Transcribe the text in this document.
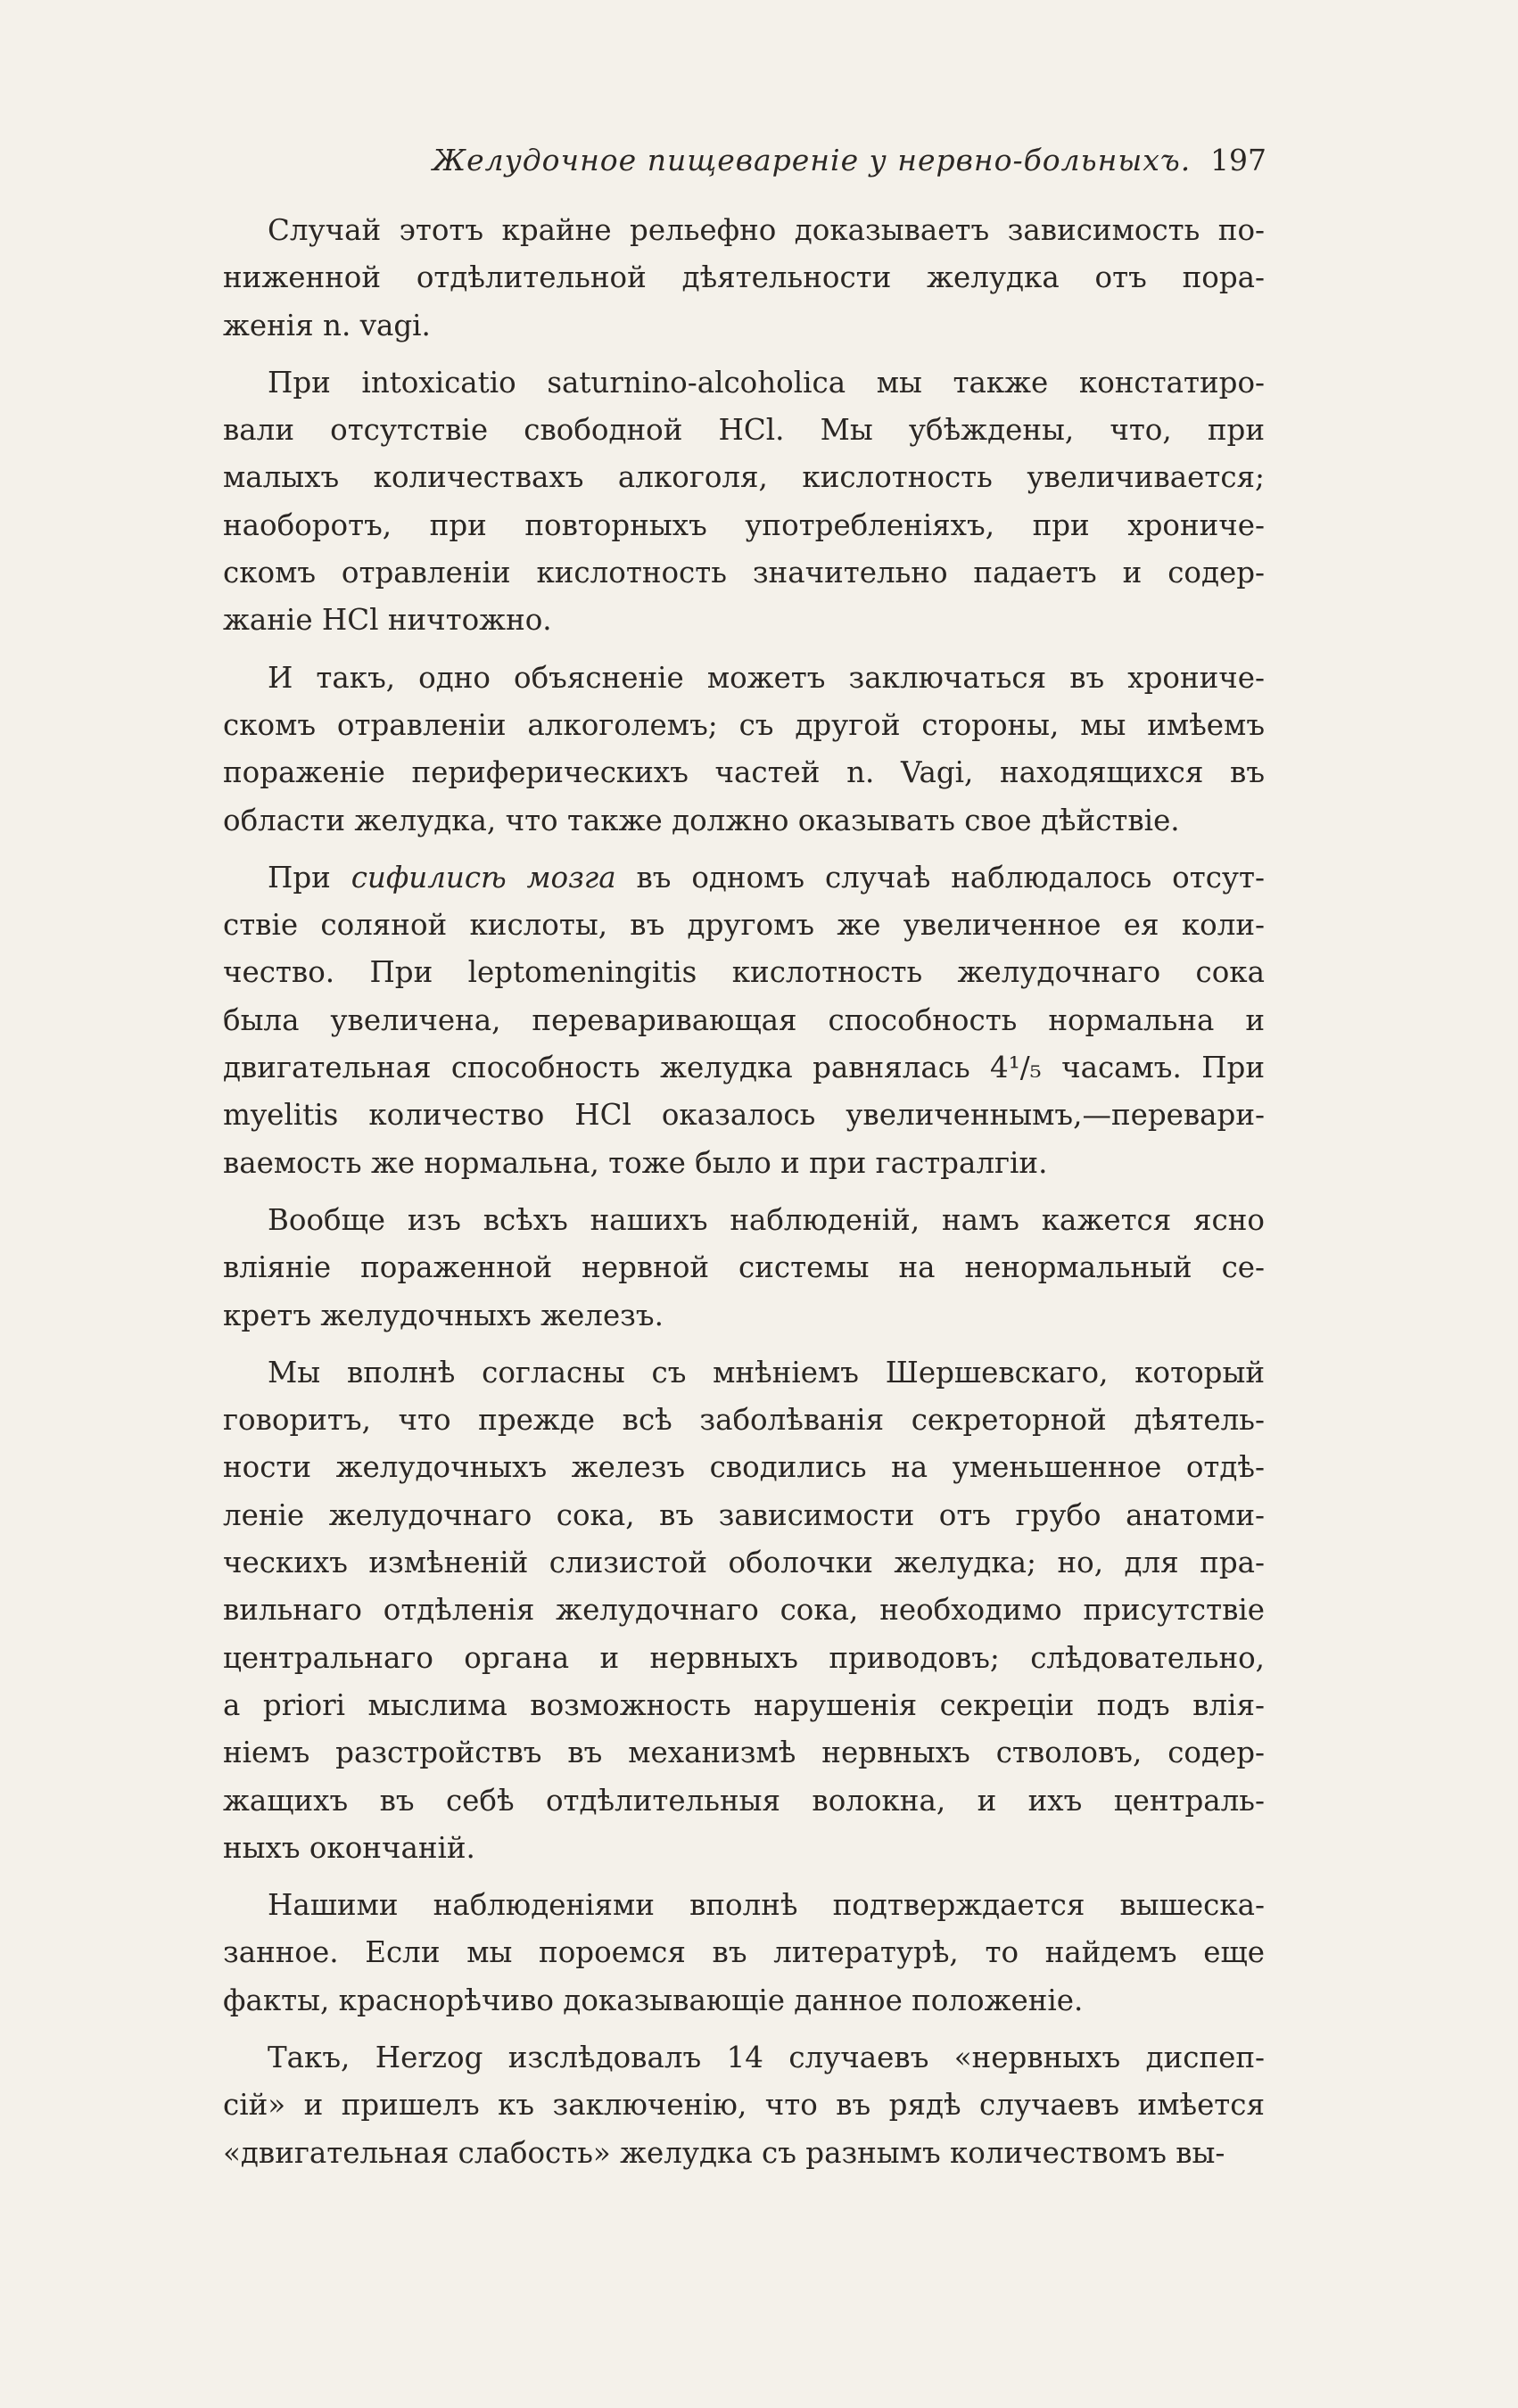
Желудочное пищевареніе у нервно-больныхъ. 197
Случай этотъ крайне рельефно доказываетъ зависимость по-
ниженной отдѣлительной дѣятельности желудка отъ пора-
женія n. vagi.
При intoxicatio saturnino-alcoholica мы также констатиро-
вали отсутствіе свободной HCl. Мы убѣждены, что, при
малыхъ количествахъ алкоголя, кислотность увеличивается;
наоборотъ, при повторныхъ употребленіяхъ, при хрониче-
скомъ отравленіи кислотность значительно падаетъ и содер-
жаніе HCl ничтожно.
И такъ, одно объясненіе можетъ заключаться въ хрониче-
скомъ отравленіи алкоголемъ; съ другой стороны, мы имѣемъ
пораженіе периферическихъ частей n. Vagi, находящихся въ
области желудка, что также должно оказывать свое дѣйствіе.
При сифилисѣ мозга въ одномъ случаѣ наблюдалось отсут-
ствіе соляной кислоты, въ другомъ же увеличенное ея коли-
чество. При leptomeningitis кислотность желудочнаго сока
была увеличена, переваривающая способность нормальна и
двигательная способность желудка равнялась 4¹/₅ часамъ. При
myelitis количество HCl оказалось увеличеннымъ,—перевари-
ваемость же нормальна, тоже было и при гастралгіи.
Вообще изъ всѣхъ нашихъ наблюденій, намъ кажется ясно
вліяніе пораженной нервной системы на ненормальный се-
кретъ желудочныхъ железъ.
Мы вполнѣ согласны съ мнѣніемъ Шершевскаго, который
говоритъ, что прежде всѣ заболѣванія секреторной дѣятель-
ности желудочныхъ железъ сводились на уменьшенное отдѣ-
леніе желудочнаго сока, въ зависимости отъ грубо анатоми-
ческихъ измѣненій слизистой оболочки желудка; но, для пра-
вильнаго отдѣленія желудочнаго сока, необходимо присутствіе
центральнаго органа и нервныхъ приводовъ; слѣдовательно,
a priori мыслима возможность нарушенія секреціи подъ влія-
ніемъ разстройствъ въ механизмѣ нервныхъ стволовъ, содер-
жащихъ въ себѣ отдѣлительныя волокна, и ихъ централь-
ныхъ окончаній.
Нашими наблюденіями вполнѣ подтверждается вышеска-
занное. Если мы пороемся въ литературѣ, то найдемъ еще
факты, краснорѣчиво доказывающіе данное положеніе.
Такъ, Herzog изслѣдовалъ 14 случаевъ «нервныхъ диспеп-
сій» и пришелъ къ заключенію, что въ рядѣ случаевъ имѣется
«двигательная слабость» желудка съ разнымъ количествомъ вы-
